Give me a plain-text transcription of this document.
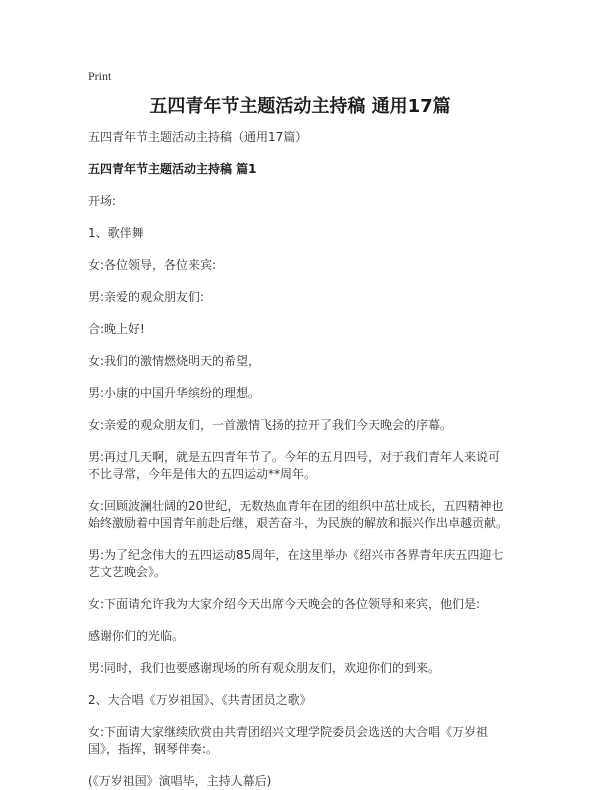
Print
五四青年节主题活动主持稿 通用17篇
五四青年节主题活动主持稿（通用17篇）
五四青年节主题活动主持稿 篇1
开场:
1、歌伴舞
女:各位领导，各位来宾:
男:亲爱的观众朋友们:
合:晚上好!
女:我们的激情燃烧明天的希望，
男:小康的中国升华缤纷的理想。
女:亲爱的观众朋友们，一首激情飞扬的拉开了我们今天晚会的序幕。
男:再过几天啊，就是五四青年节了。今年的五月四号，对于我们青年人来说可不比寻常，今年是伟大的五四运动**周年。
女:回顾波澜壮阔的20世纪，无数热血青年在团的组织中茁壮成长，五四精神也始终激励着中国青年前赴后继，艰苦奋斗，为民族的解放和振兴作出卓越贡献。
男:为了纪念伟大的五四运动85周年，在这里举办《绍兴市各界青年庆五四迎七艺文艺晚会》。
女:下面请允许我为大家介绍今天出席今天晚会的各位领导和来宾，他们是:
感谢你们的光临。
男:同时，我们也要感谢现场的所有观众朋友们，欢迎你们的到来。
2、大合唱《万岁祖国》、《共青团员之歌》
女:下面请大家继续欣赏由共青团绍兴文理学院委员会选送的大合唱《万岁祖国》，指挥，钢琴伴奏:。
(《万岁祖国》演唱毕，主持人幕后)
